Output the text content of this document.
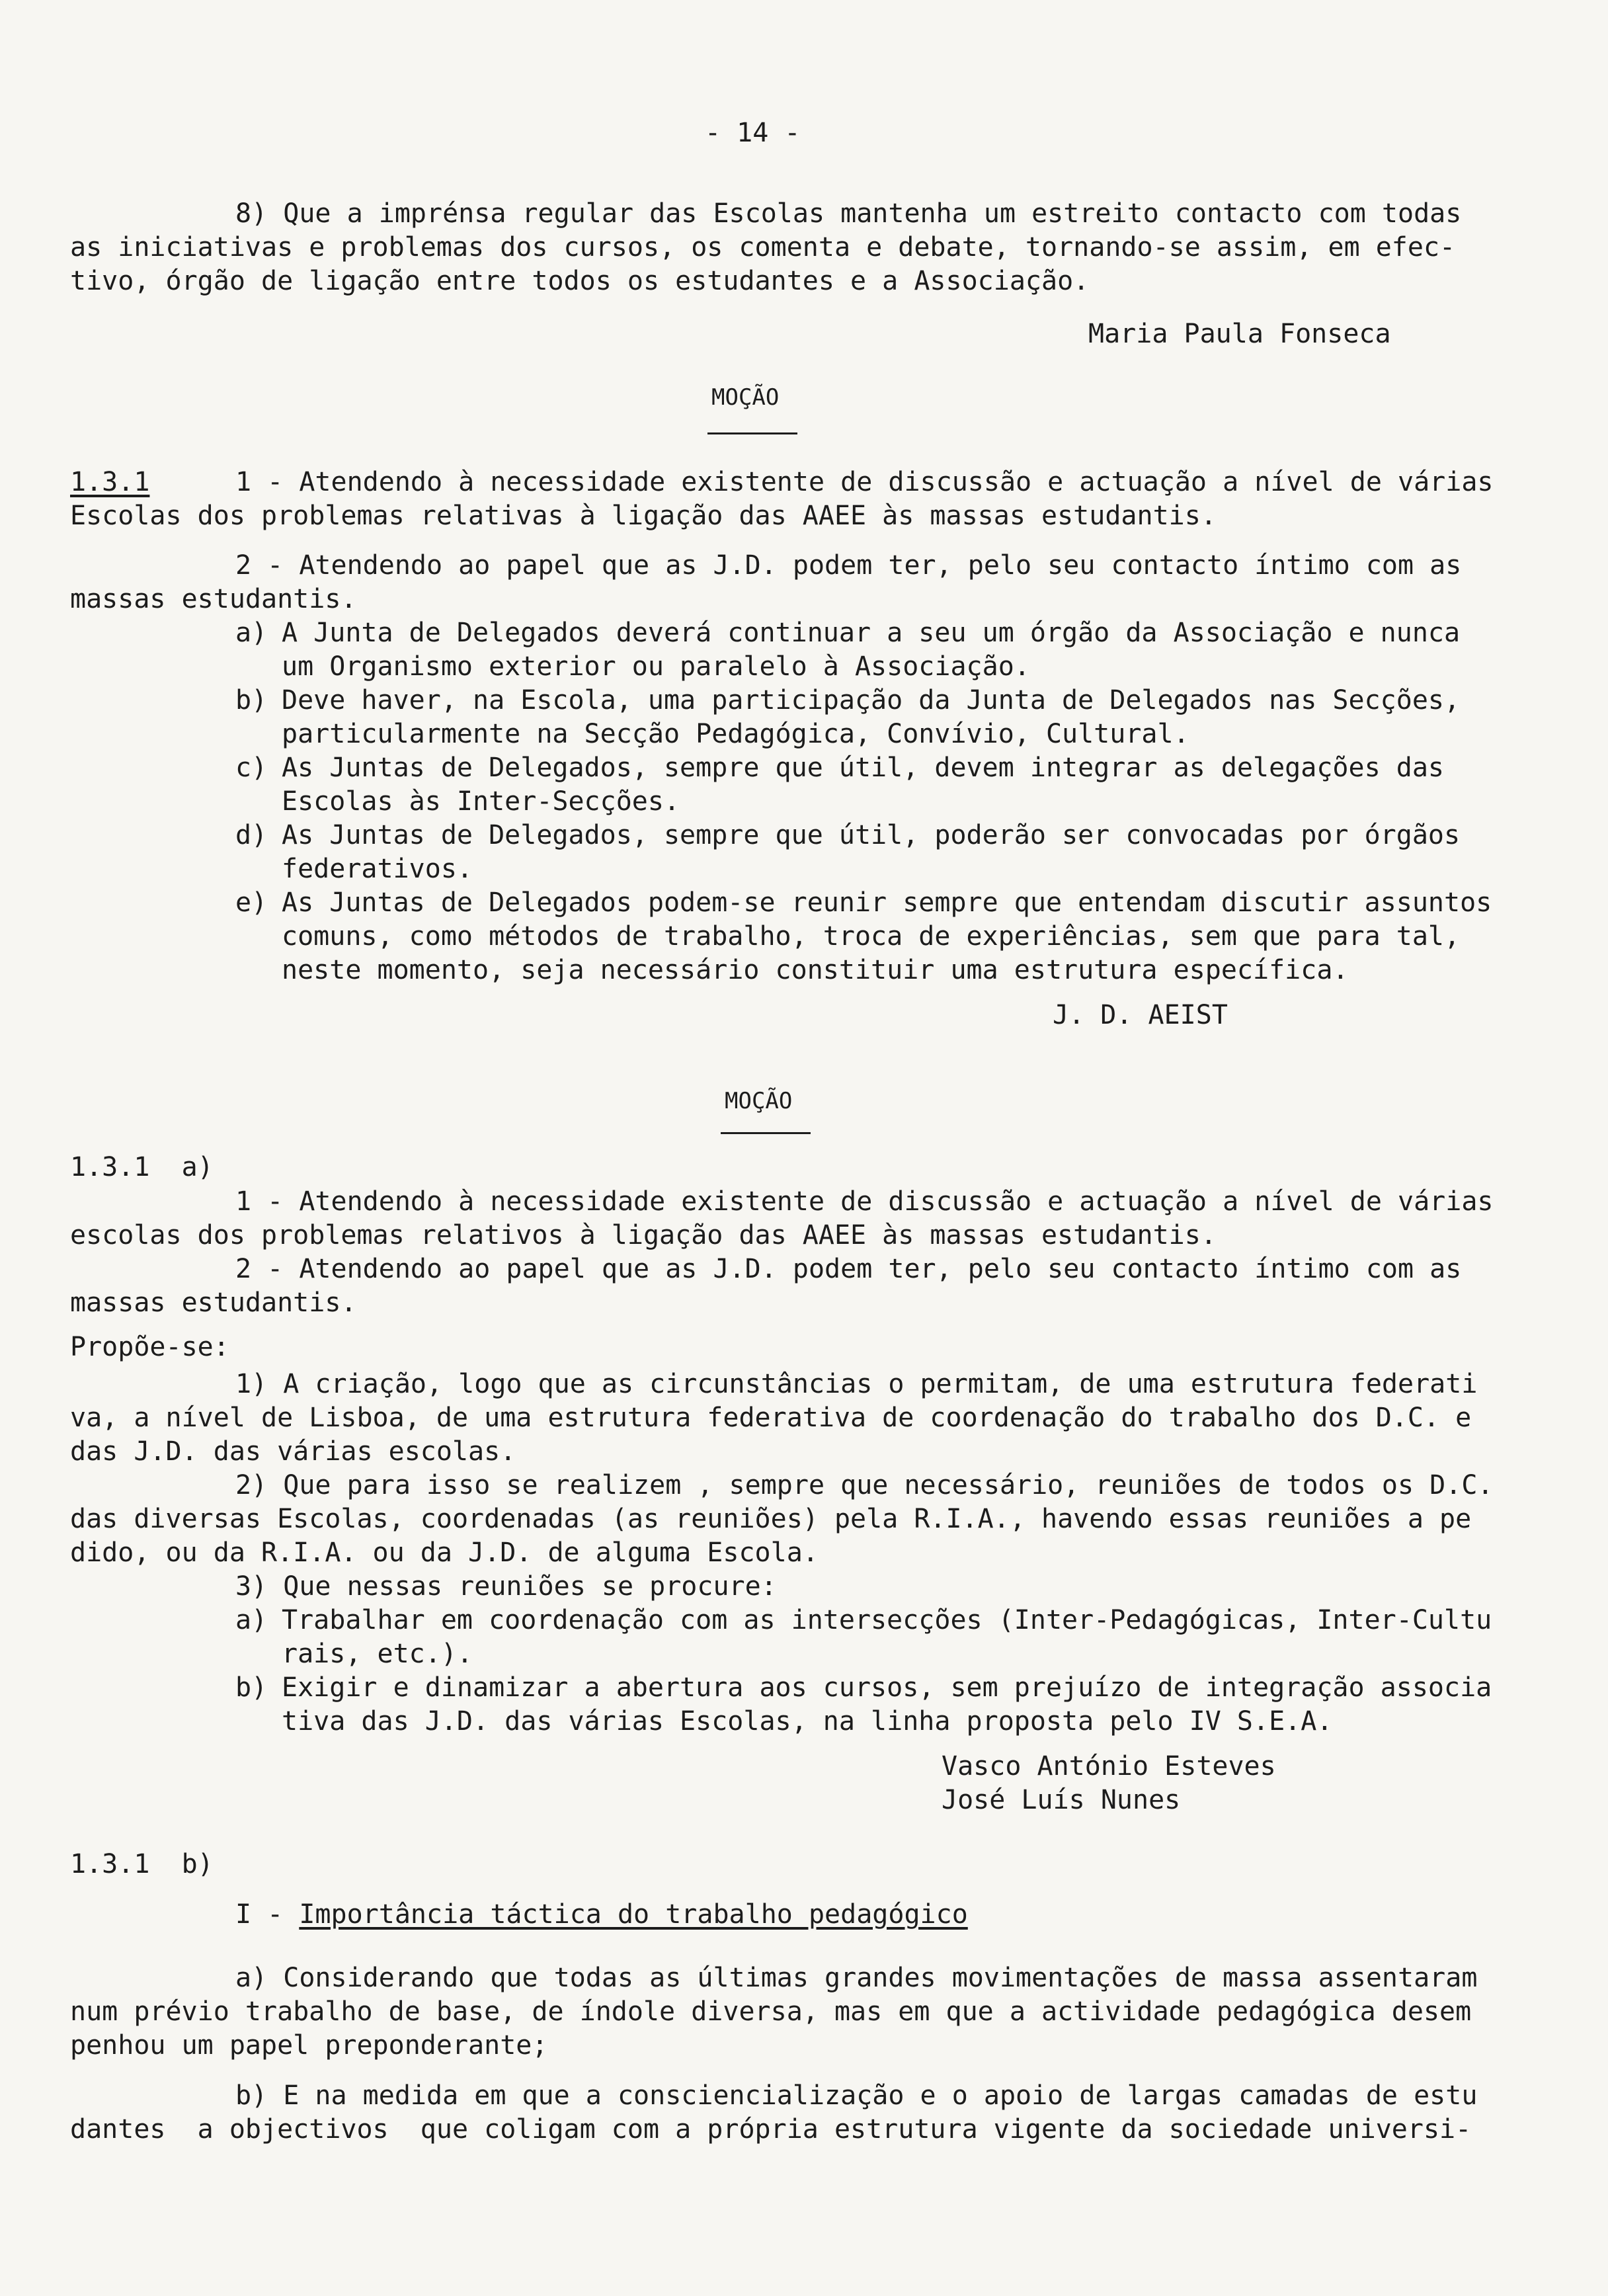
- 14 -
8) Que a imprénsa regular das Escolas mantenha um estreito contacto com todas
as iniciativas e problemas dos cursos, os comenta e debate, tornando-se assim, em efec-
tivo, órgão de ligação entre todos os estudantes e a Associação.
Maria Paula Fonseca
MOÇÃO
1.3.1	1 - Atendendo à necessidade existente de discussão e actuação a nível de várias
Escolas dos problemas relativas à ligação das AAEE às massas estudantis.
2 - Atendendo ao papel que as J.D. podem ter, pelo seu contacto íntimo com as
massas estudantis.
a) A Junta de Delegados deverá continuar a seu um órgão da Associação e nunca
um Organismo exterior ou paralelo à Associação.
b) Deve haver, na Escola, uma participação da Junta de Delegados nas Secções,
particularmente na Secção Pedagógica, Convívio, Cultural.
c) As Juntas de Delegados, sempre que útil, devem integrar as delegações das
Escolas às Inter-Secções.
d) As Juntas de Delegados, sempre que útil, poderão ser convocadas por órgãos
federativos.
e) As Juntas de Delegados podem-se reunir sempre que entendam discutir assuntos
comuns, como métodos de trabalho, troca de experiências, sem que para tal,
neste momento, seja necessário constituir uma estrutura específica.
J. D. AEIST
MOÇÃO
1.3.1  a)
1 - Atendendo à necessidade existente de discussão e actuação a nível de várias
escolas dos problemas relativos à ligação das AAEE às massas estudantis.
2 - Atendendo ao papel que as J.D. podem ter, pelo seu contacto íntimo com as
massas estudantis.
Propõe-se:
1) A criação, logo que as circunstâncias o permitam, de uma estrutura federati
va, a nível de Lisboa, de uma estrutura federativa de coordenação do trabalho dos D.C. e
das J.D. das várias escolas.
2) Que para isso se realizem , sempre que necessário, reuniões de todos os D.C.
das diversas Escolas, coordenadas (as reuniões) pela R.I.A., havendo essas reuniões a pe
dido, ou da R.I.A. ou da J.D. de alguma Escola.
3) Que nessas reuniões se procure:
a) Trabalhar em coordenação com as intersecções (Inter-Pedagógicas, Inter-Cultu
rais, etc.).
b) Exigir e dinamizar a abertura aos cursos, sem prejuízo de integração associa
tiva das J.D. das várias Escolas, na linha proposta pelo IV S.E.A.
Vasco António Esteves
José Luís Nunes
1.3.1  b)
I - Importância táctica do trabalho pedagógico
a) Considerando que todas as últimas grandes movimentações de massa assentaram
num prévio trabalho de base, de índole diversa, mas em que a actividade pedagógica desem
penhou um papel preponderante;
b) E na medida em que a consciencialização e o apoio de largas camadas de estu
dantes  a objectivos  que coligam com a própria estrutura vigente da sociedade universi-
